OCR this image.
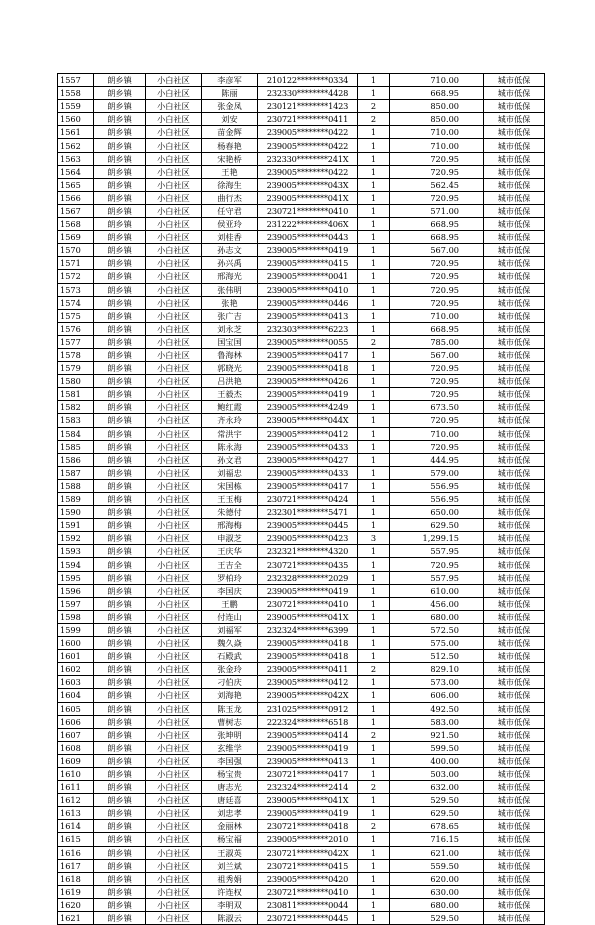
1557	朗乡镇	小白社区	李彦军	210122********0334	1	710.00	城市低保
1558	朗乡镇	小白社区	陈丽	232330********4428	1	668.95	城市低保
1559	朗乡镇	小白社区	张金凤	230121********1423	2	850.00	城市低保
1560	朗乡镇	小白社区	刘安	230721********0411	2	850.00	城市低保
1561	朗乡镇	小白社区	苗金辉	239005********0422	1	710.00	城市低保
1562	朗乡镇	小白社区	杨春艳	239005********0422	1	710.00	城市低保
1563	朗乡镇	小白社区	宋艳桥	232330********241X	1	720.95	城市低保
1564	朗乡镇	小白社区	王艳	239005********0422	1	720.95	城市低保
1565	朗乡镇	小白社区	徐海生	239005********043X	1	562.45	城市低保
1566	朗乡镇	小白社区	曲行杰	239005********041X	1	720.95	城市低保
1567	朗乡镇	小白社区	任守君	230721********0410	1	571.00	城市低保
1568	朗乡镇	小白社区	侯亚玲	231222********406X	1	668.95	城市低保
1569	朗乡镇	小白社区	刘桂香	239005********0443	1	668.95	城市低保
1570	朗乡镇	小白社区	孙志文	239005********0419	1	567.00	城市低保
1571	朗乡镇	小白社区	孙兴禹	239005********0415	1	720.95	城市低保
1572	朗乡镇	小白社区	邢海光	239005********0041	1	720.95	城市低保
1573	朗乡镇	小白社区	张伟明	239005********0410	1	720.95	城市低保
1574	朗乡镇	小白社区	张艳	239005********0446	1	720.95	城市低保
1575	朗乡镇	小白社区	张广吉	239005********0413	1	710.00	城市低保
1576	朗乡镇	小白社区	刘永芝	232303********6223	1	668.95	城市低保
1577	朗乡镇	小白社区	国宝国	239005********0055	2	785.00	城市低保
1578	朗乡镇	小白社区	鲁海林	239005********0417	1	567.00	城市低保
1579	朗乡镇	小白社区	郭晓光	239005********0418	1	720.95	城市低保
1580	朗乡镇	小白社区	吕洪艳	239005********0426	1	720.95	城市低保
1581	朗乡镇	小白社区	王毅杰	239005********0419	1	720.95	城市低保
1582	朗乡镇	小白社区	鲍红霞	239005********4249	1	673.50	城市低保
1583	朗乡镇	小白社区	齐永玲	239005********044X	1	720.95	城市低保
1584	朗乡镇	小白社区	常洪宇	239005********0412	1	710.00	城市低保
1585	朗乡镇	小白社区	陈永海	239005********0433	1	720.95	城市低保
1586	朗乡镇	小白社区	孙文君	239005********0427	1	444.95	城市低保
1587	朗乡镇	小白社区	刘福忠	239005********0433	1	579.00	城市低保
1588	朗乡镇	小白社区	宋国栋	239005********0417	1	556.95	城市低保
1589	朗乡镇	小白社区	王玉梅	230721********0424	1	556.95	城市低保
1590	朗乡镇	小白社区	朱德付	232301********5471	1	650.00	城市低保
1591	朗乡镇	小白社区	邢海梅	239005********0445	1	629.50	城市低保
1592	朗乡镇	小白社区	申淑芝	239005********0423	3	1,299.15	城市低保
1593	朗乡镇	小白社区	王庆华	232321********4320	1	557.95	城市低保
1594	朗乡镇	小白社区	王吉全	230721********0435	1	720.95	城市低保
1595	朗乡镇	小白社区	罗柏玲	232328********2029	1	557.95	城市低保
1596	朗乡镇	小白社区	李国庆	239005********0419	1	610.00	城市低保
1597	朗乡镇	小白社区	王鹏	230721********0410	1	456.00	城市低保
1598	朗乡镇	小白社区	付连山	239005********041X	1	680.00	城市低保
1599	朗乡镇	小白社区	刘福军	232324********6399	1	572.50	城市低保
1600	朗乡镇	小白社区	魏久焱	239005********0418	1	575.00	城市低保
1601	朗乡镇	小白社区	石殿武	239005********0418	1	512.50	城市低保
1602	朗乡镇	小白社区	张金玲	239005********0411	2	829.10	城市低保
1603	朗乡镇	小白社区	刁伯庆	239005********0412	1	573.00	城市低保
1604	朗乡镇	小白社区	刘海艳	239005********042X	1	606.00	城市低保
1605	朗乡镇	小白社区	陈玉龙	231025********0912	1	492.50	城市低保
1606	朗乡镇	小白社区	曹树志	222324********6518	1	583.00	城市低保
1607	朗乡镇	小白社区	张坤明	239005********0414	2	921.50	城市低保
1608	朗乡镇	小白社区	玄维学	239005********0419	1	599.50	城市低保
1609	朗乡镇	小白社区	李国强	239005********0413	1	400.00	城市低保
1610	朗乡镇	小白社区	杨宝贵	230721********0417	1	503.00	城市低保
1611	朗乡镇	小白社区	唐志光	232324********2414	2	632.00	城市低保
1612	朗乡镇	小白社区	唐廷喜	239005********041X	1	529.50	城市低保
1613	朗乡镇	小白社区	刘忠孝	239005********0419	1	629.50	城市低保
1614	朗乡镇	小白社区	金丽林	230721********0418	2	678.65	城市低保
1615	朗乡镇	小白社区	杨宝福	239005********2010	1	716.15	城市低保
1616	朗乡镇	小白社区	王淑英	230721********042X	1	621.00	城市低保
1617	朗乡镇	小白社区	刘兰斌	230721********0415	1	559.50	城市低保
1618	朗乡镇	小白社区	祖秀娟	239005********0420	1	620.00	城市低保
1619	朗乡镇	小白社区	许连权	230721********0410	1	630.00	城市低保
1620	朗乡镇	小白社区	李明双	230811********0044	1	680.00	城市低保
1621	朗乡镇	小白社区	陈淑云	230721********0445	1	529.50	城市低保
